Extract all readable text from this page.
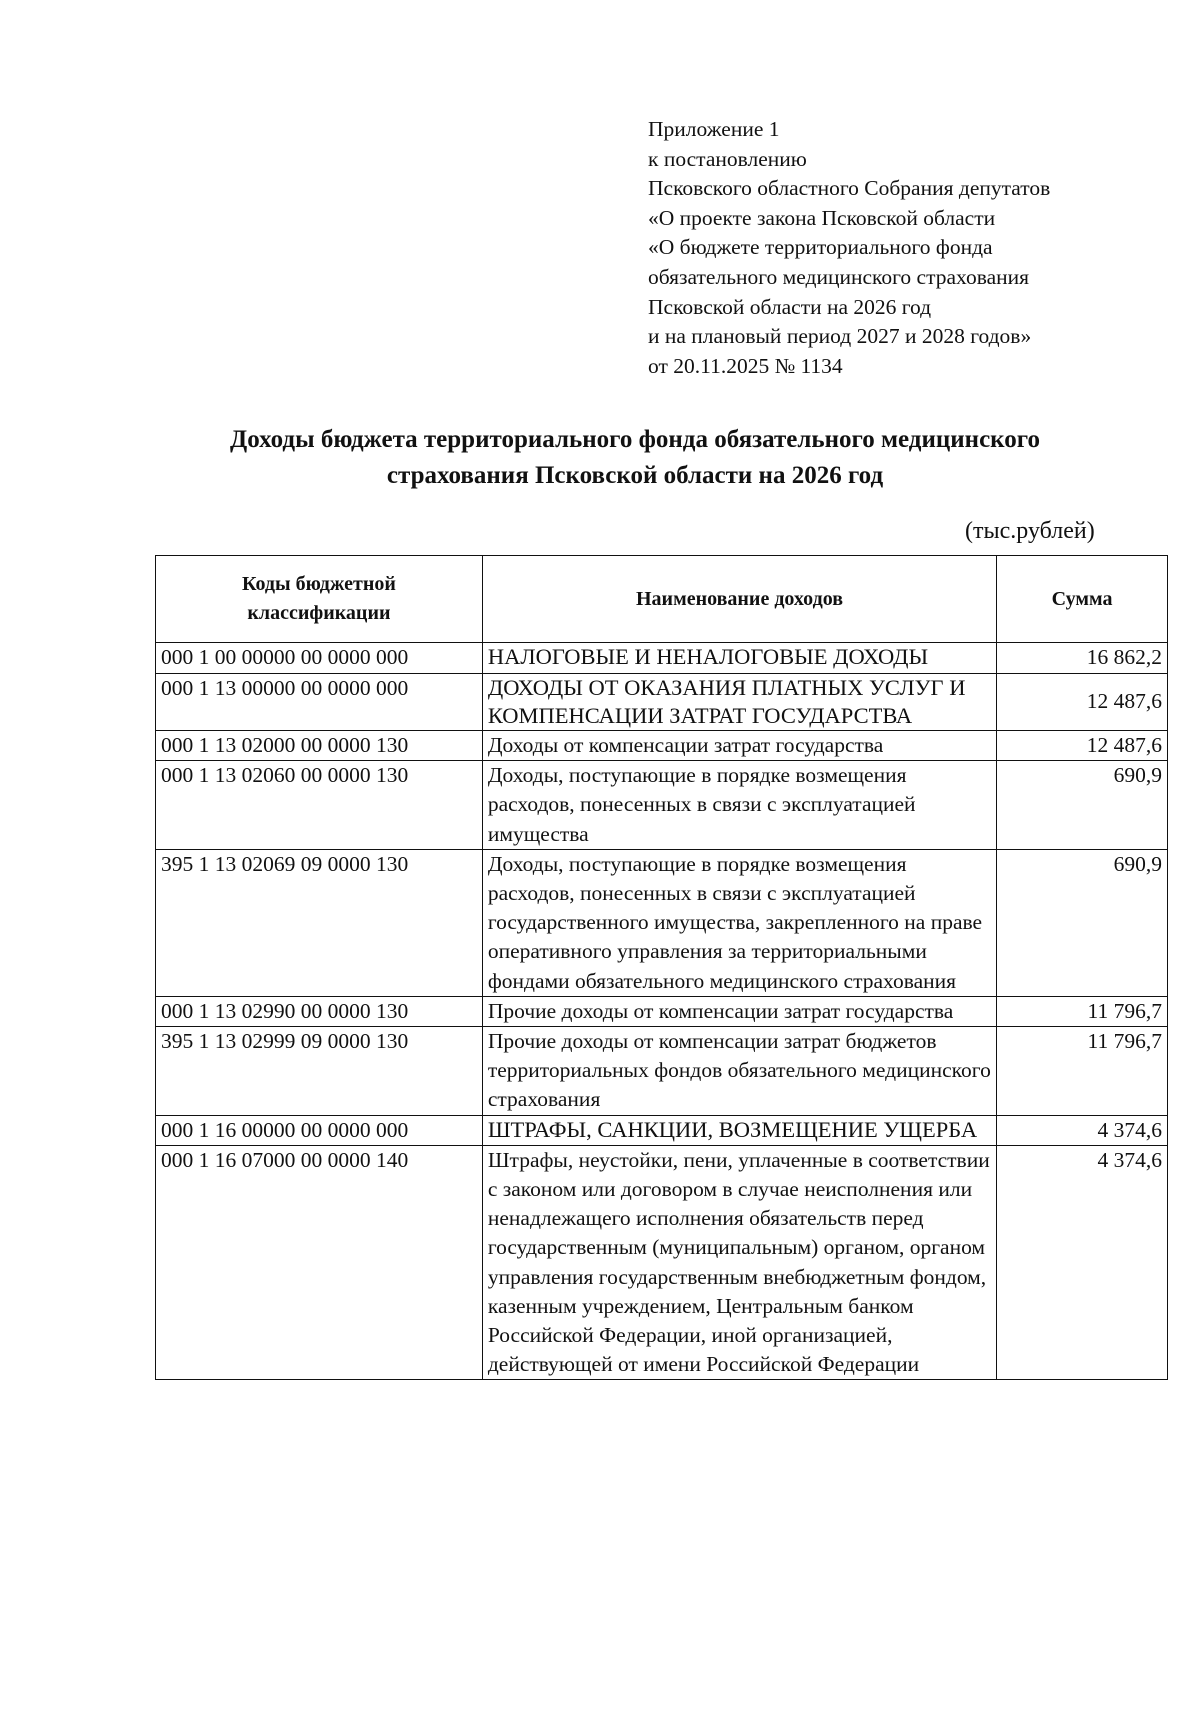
Приложение 1
к постановлению
Псковского областного Собрания депутатов
«О проекте закона Псковской области
«О бюджете территориального фонда
обязательного медицинского страхования
Псковской области на 2026 год
и на плановый период 2027 и 2028 годов»
от 20.11.2025 № 1134
Доходы бюджета территориального фонда обязательного медицинского
страхования Псковской области на 2026 год
(тыс.рублей)
Коды бюджетной классификации	Наименование доходов	Сумма
000 1 00 00000 00 0000 000	НАЛОГОВЫЕ И НЕНАЛОГОВЫЕ ДОХОДЫ	16 862,2
000 1 13 00000 00 0000 000	ДОХОДЫ ОТ ОКАЗАНИЯ ПЛАТНЫХ УСЛУГ И КОМПЕНСАЦИИ ЗАТРАТ ГОСУДАРСТВА	12 487,6
000 1 13 02000 00 0000 130	Доходы от компенсации затрат государства	12 487,6
000 1 13 02060 00 0000 130	Доходы, поступающие в порядке возмещения расходов, понесенных в связи с эксплуатацией имущества	690,9
395 1 13 02069 09 0000 130	Доходы, поступающие в порядке возмещения расходов, понесенных в связи с эксплуатацией государственного имущества, закрепленного на праве оперативного управления за территориальными фондами обязательного медицинского страхования	690,9
000 1 13 02990 00 0000 130	Прочие доходы от компенсации затрат государства	11 796,7
395 1 13 02999 09 0000 130	Прочие доходы от компенсации затрат бюджетов территориальных фондов обязательного медицинского страхования	11 796,7
000 1 16 00000 00 0000 000	ШТРАФЫ, САНКЦИИ, ВОЗМЕЩЕНИЕ УЩЕРБА	4 374,6
000 1 16 07000 00 0000 140	Штрафы, неустойки, пени, уплаченные в соответствии с законом или договором в случае неисполнения или ненадлежащего исполнения обязательств перед государственным (муниципальным) органом, органом управления государственным внебюджетным фондом, казенным учреждением, Центральным банком Российской Федерации, иной организацией, действующей от имени Российской Федерации	4 374,6
